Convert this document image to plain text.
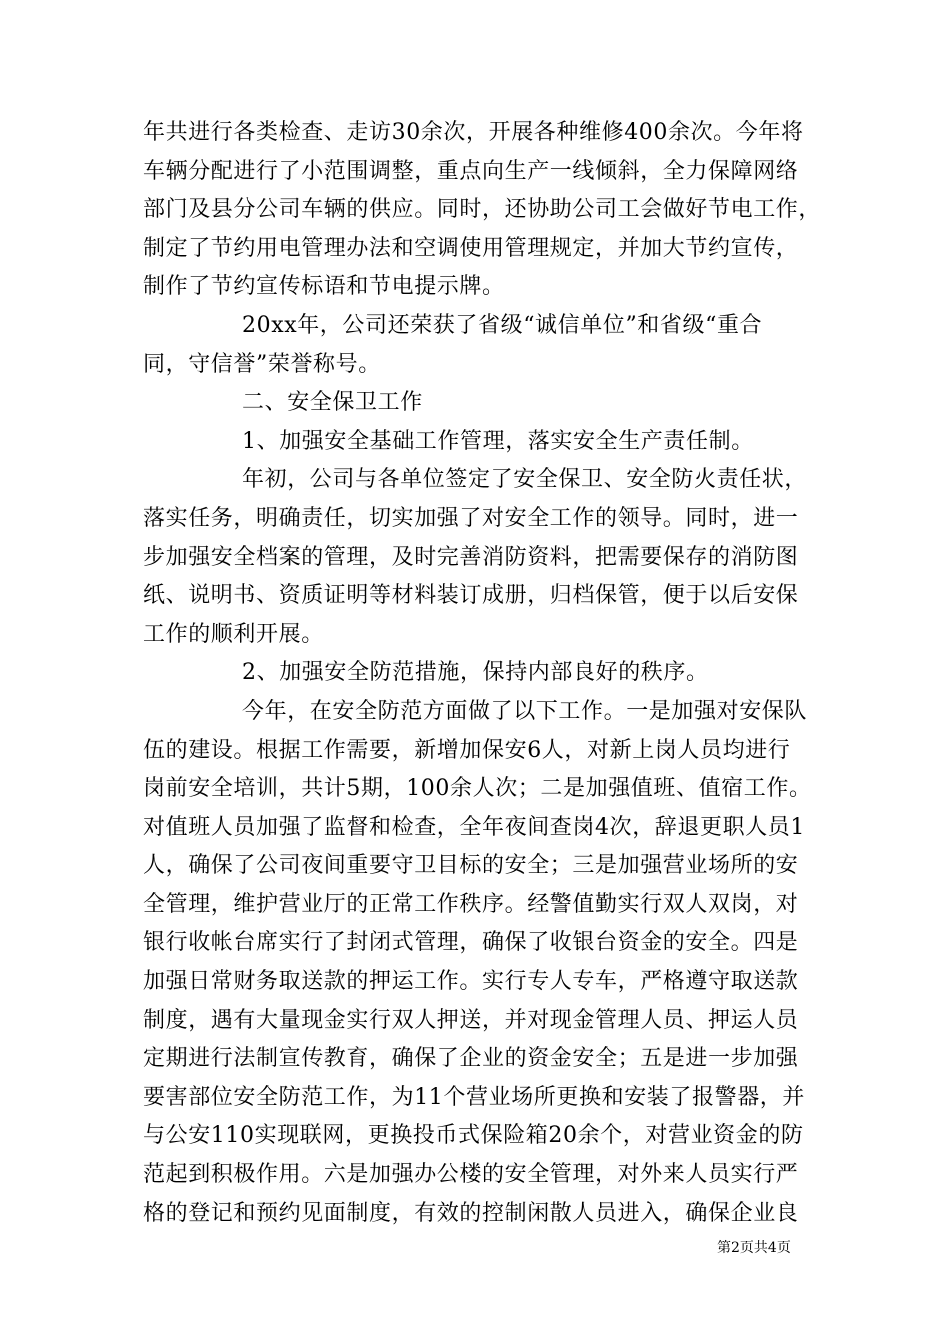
年共进行各类检查、走访30余次，开展各种维修400余次。今年将
车辆分配进行了小范围调整，重点向生产一线倾斜，全力保障网络
部门及县分公司车辆的供应。同时，还协助公司工会做好节电工作，
制定了节约用电管理办法和空调使用管理规定，并加大节约宣传，
制作了节约宣传标语和节电提示牌。
20xx年，公司还荣获了省级“诚信单位”和省级“重合
同，守信誉”荣誉称号。
二、安全保卫工作
1、加强安全基础工作管理，落实安全生产责任制。
年初，公司与各单位签定了安全保卫、安全防火责任状，
落实任务，明确责任，切实加强了对安全工作的领导。同时，进一
步加强安全档案的管理，及时完善消防资料，把需要保存的消防图
纸、说明书、资质证明等材料装订成册，归档保管，便于以后安保
工作的顺利开展。
2、加强安全防范措施，保持内部良好的秩序。
今年，在安全防范方面做了以下工作。一是加强对安保队
伍的建设。根据工作需要，新增加保安6人，对新上岗人员均进行
岗前安全培训，共计5期，100余人次；二是加强值班、值宿工作。
对值班人员加强了监督和检查，全年夜间查岗4次，辞退更职人员1
人，确保了公司夜间重要守卫目标的安全；三是加强营业场所的安
全管理，维护营业厅的正常工作秩序。经警值勤实行双人双岗，对
银行收帐台席实行了封闭式管理，确保了收银台资金的安全。四是
加强日常财务取送款的押运工作。实行专人专车，严格遵守取送款
制度，遇有大量现金实行双人押送，并对现金管理人员、押运人员
定期进行法制宣传教育，确保了企业的资金安全；五是进一步加强
要害部位安全防范工作，为11个营业场所更换和安装了报警器，并
与公安110实现联网，更换投币式保险箱20余个，对营业资金的防
范起到积极作用。六是加强办公楼的安全管理，对外来人员实行严
格的登记和预约见面制度，有效的控制闲散人员进入，确保企业良
第2页共4页
